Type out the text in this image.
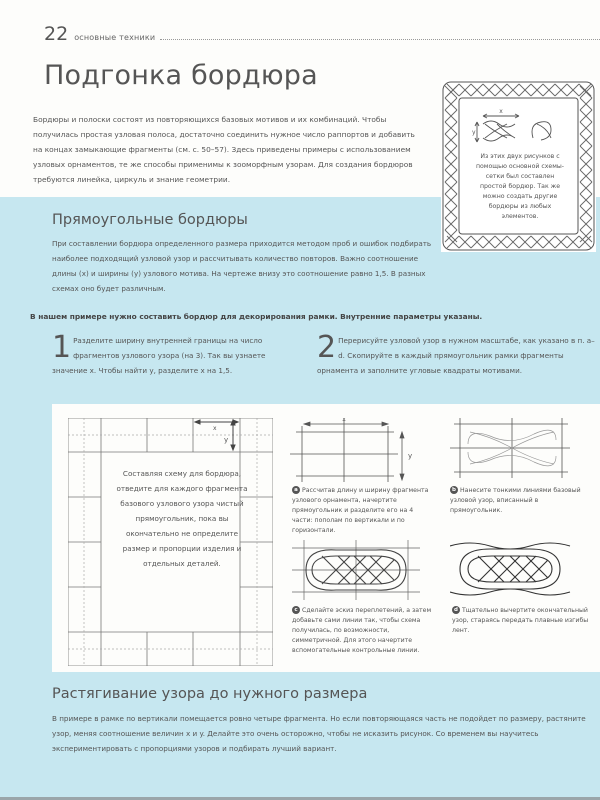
22 основные техники
Подгонка бордюра

Бордюры и полоски состоят из повторяющихся базовых мотивов и их комбинаций. Чтобы получилась простая узловая полоса, достаточно соединить нужное число раппортов и добавить на концах замыкающие фрагменты (см. с. 50–57). Здесь приведены примеры с использованием узловых орнаментов, те же способы применимы к зооморфным узорам. Для создания бордюров требуются линейка, циркуль и знание геометрии.

x
y
Из этих двух рисунков с помощью основной схемы-сетки был составлен простой бордюр. Так же можно создать другие бордюры из любых элементов.
Прямоугольные бордюры

При составлении бордюра определенного размера приходится методом проб и ошибок подбирать наиболее подходящий узловой узор и рассчитывать количество повторов. Важно соотношение длины (x) и ширины (y) узлового мотива. На чертеже внизу это соотношение равно 1,5. В разных схемах оно будет различным.

В нашем примере нужно составить бордюр для декорирования рамки. Внутренние параметры указаны.

1 Разделите ширину внутренней границы на число фрагментов узлового узора (на 3). Так вы узнаете значение x. Чтобы найти y, разделите x на 1,5.
2 Перерисуйте узловой узор в нужном масштабе, как указано в п. a–d. Скопируйте в каждый прямоугольник рамки фрагменты орнамента и заполните угловые квадраты мотивами.
x
y
Составляя схему для бордюра, отведите для каждого фрагмента базового узлового узора чистый прямоугольник, пока вы окончательно не определите размер и пропорции изделия и отдельных деталей.
x
y
a Рассчитав длину и ширину фрагмента узлового орнамента, начертите прямоугольник и разделите его на 4 части: пополам по вертикали и по горизонтали.
b Нанесите тонкими линиями базовый узловой узор, вписанный в прямоугольник.
c Сделайте эскиз переплетений, а затем добавьте сами линии так, чтобы схема получилась, по возможности, симметричной. Для этого начертите вспомогательные контрольные линии.
d Тщательно вычертите окончательный узор, стараясь передать плавные изгибы лент.
Растягивание узора до нужного размера

В примере в рамке по вертикали помещается ровно четыре фрагмента. Но если повторяющаяся часть не подойдет по размеру, растяните узор, меняя соотношение величин x и y. Делайте это очень осторожно, чтобы не исказить рисунок. Со временем вы научитесь экспериментировать с пропорциями узоров и подбирать лучший вариант.
